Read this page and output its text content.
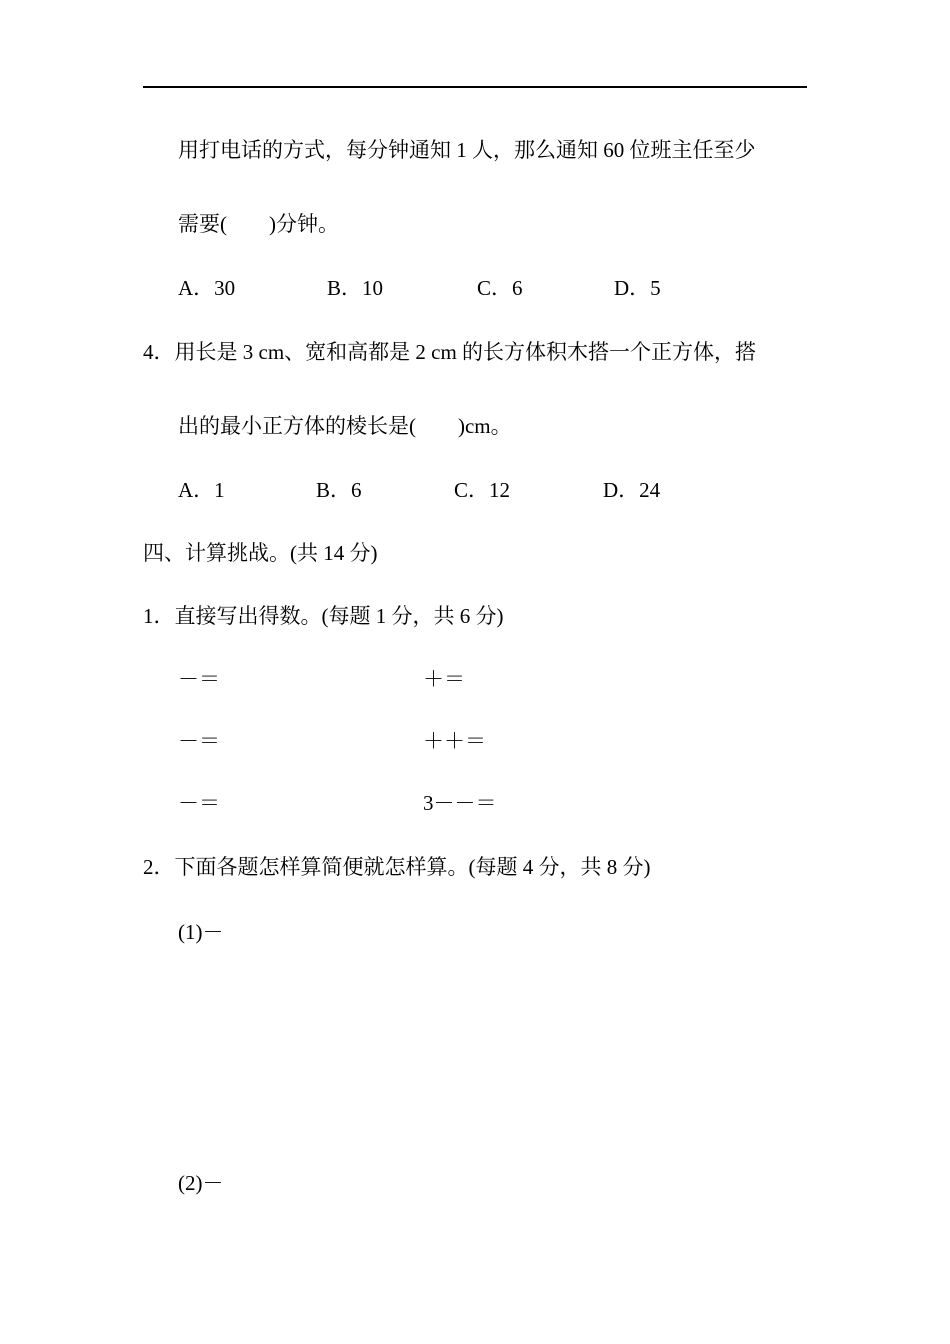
用打电话的方式，每分钟通知 1 人，那么通知 60 位班主任至少
需要(　　)分钟。
A．30	B．10	C．6	D．5
4．用长是 3 cm、宽和高都是 2 cm 的长方体积木搭一个正方体，搭
出的最小正方体的棱长是(　　)cm。
A．1	B．6	C．12	D．24
四、计算挑战。(共 14 分)
1．直接写出得数。(每题 1 分，共 6 分)
－＝	＋＝
－＝	＋＋＝
－＝	3－－＝
2．下面各题怎样算简便就怎样算。(每题 4 分，共 8 分)
(1)－
(2)－
